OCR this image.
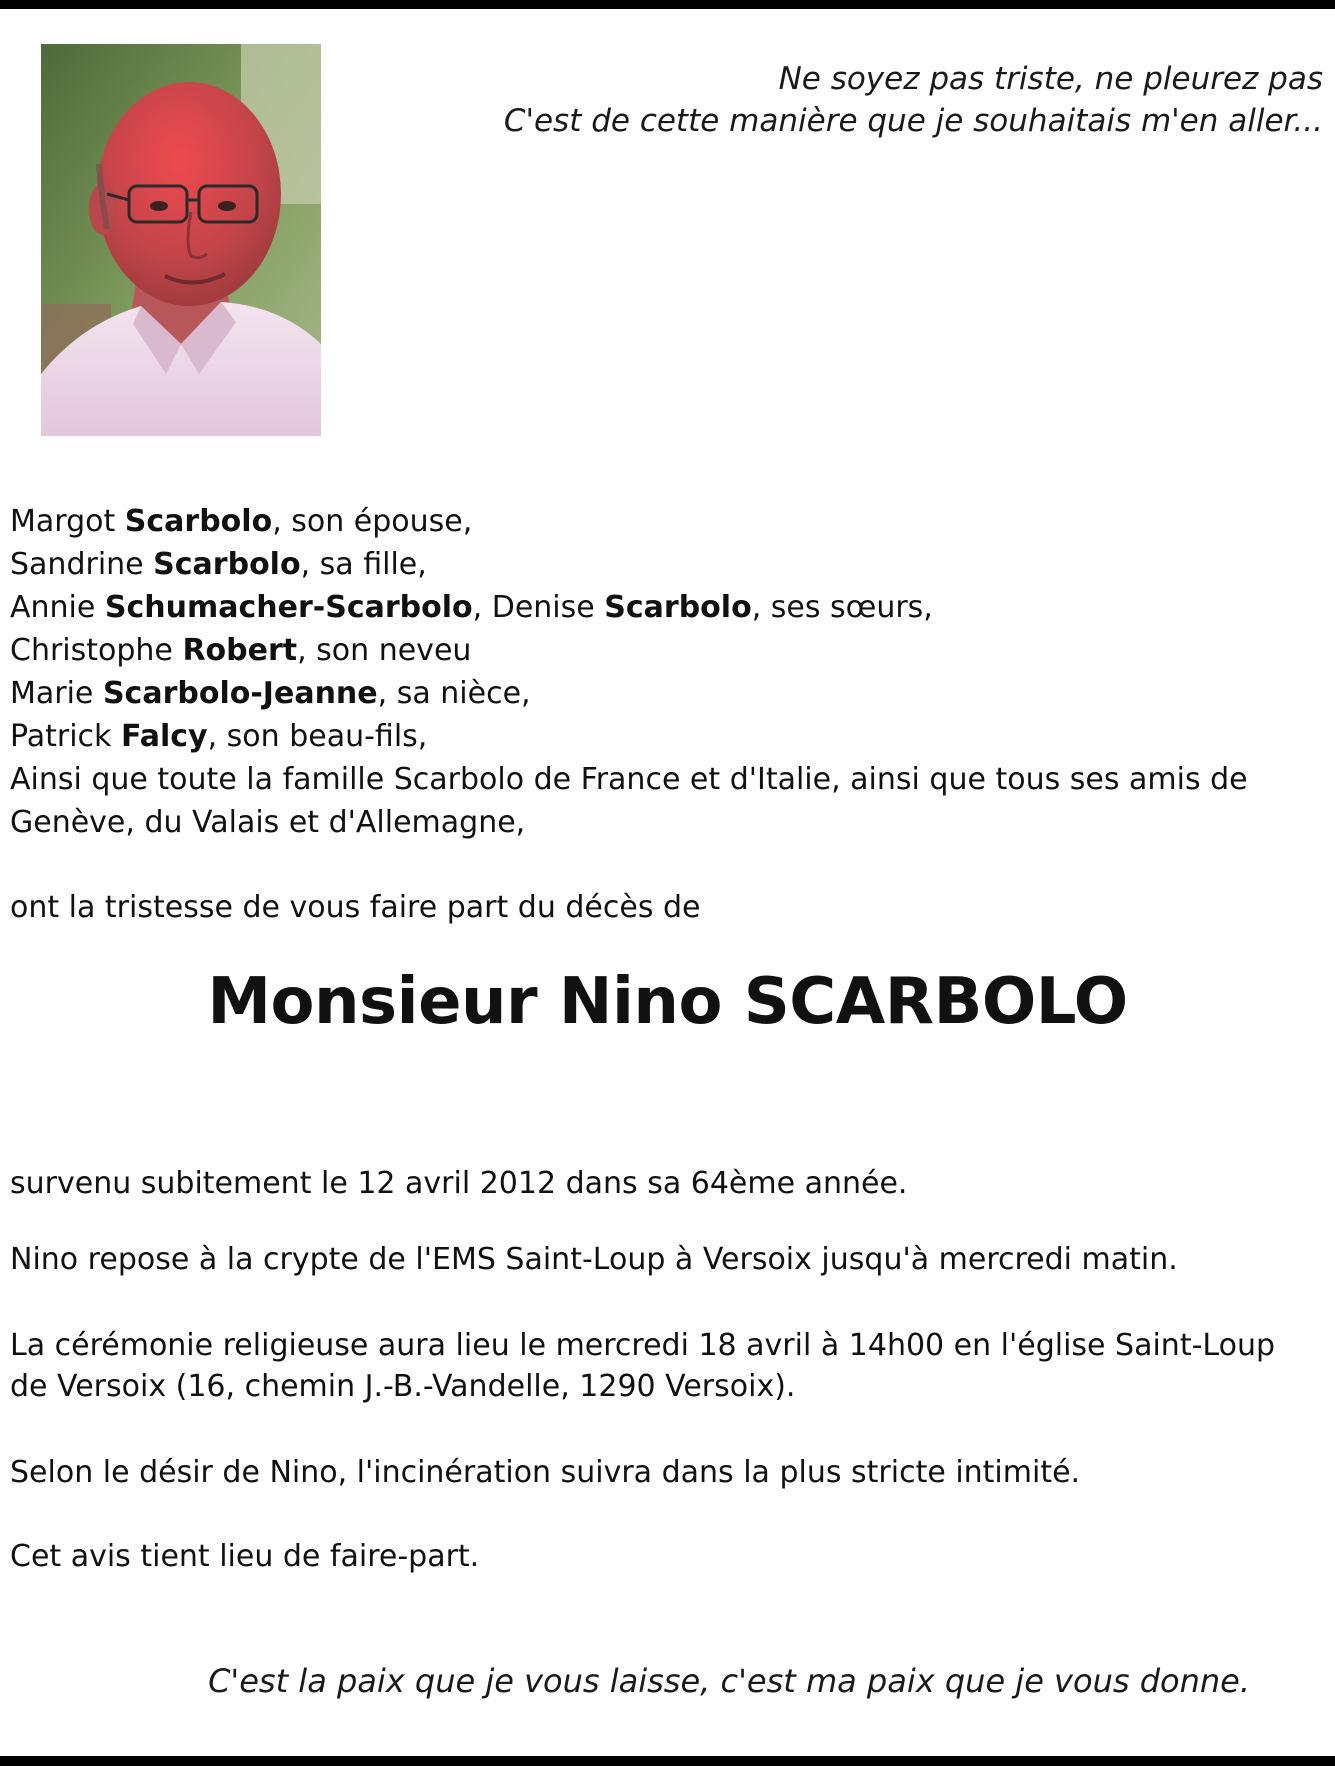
Ne soyez pas triste, ne pleurez pas
C'est de cette manière que je souhaitais m'en aller...
Margot Scarbolo, son épouse,
Sandrine Scarbolo, sa fille,
Annie Schumacher-Scarbolo, Denise Scarbolo, ses sœurs,
Christophe Robert, son neveu
Marie Scarbolo-Jeanne, sa nièce,
Patrick Falcy, son beau-fils,
Ainsi que toute la famille Scarbolo de France et d'Italie, ainsi que tous ses amis de
Genève, du Valais et d'Allemagne,
ont la tristesse de vous faire part du décès de
Monsieur Nino SCARBOLO
survenu subitement le 12 avril 2012 dans sa 64ème année.
Nino repose à la crypte de l'EMS Saint-Loup à Versoix jusqu'à mercredi matin.
La cérémonie religieuse aura lieu le mercredi 18 avril à 14h00 en l'église Saint-Loup
de Versoix (16, chemin J.-B.-Vandelle, 1290 Versoix).
Selon le désir de Nino, l'incinération suivra dans la plus stricte intimité.
Cet avis tient lieu de faire-part.
C'est la paix que je vous laisse, c'est ma paix que je vous donne.
